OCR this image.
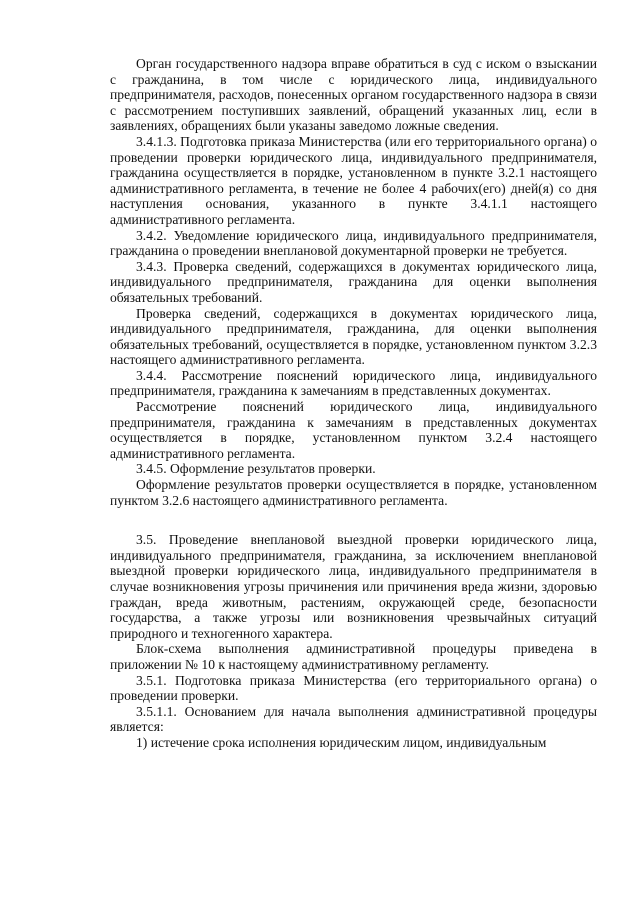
Орган государственного надзора вправе обратиться в суд с иском о взыскании с гражданина, в том числе с юридического лица, индивидуального предпринимателя, расходов, понесенных органом государственного надзора в связи с рассмотрением поступивших заявлений, обращений указанных лиц, если в заявлениях, обращениях были указаны заведомо ложные сведения.

3.4.1.3. Подготовка приказа Министерства (или его территориального органа) о проведении проверки юридического лица, индивидуального предпринимателя, гражданина осуществляется в порядке, установленном в пункте 3.2.1 настоящего административного регламента, в течение не более 4 рабочих(его) дней(я) со дня наступления основания, указанного в пункте 3.4.1.1 настоящего административного регламента.

3.4.2. Уведомление юридического лица, индивидуального предпринимателя, гражданина о проведении внеплановой документарной проверки не требуется.

3.4.3. Проверка сведений, содержащихся в документах юридического лица, индивидуального предпринимателя, гражданина для оценки выполнения обязательных требований.

Проверка сведений, содержащихся в документах юридического лица, индивидуального предпринимателя, гражданина, для оценки выполнения обязательных требований, осуществляется в порядке, установленном пунктом 3.2.3 настоящего административного регламента.

3.4.4. Рассмотрение пояснений юридического лица, индивидуального предпринимателя, гражданина к замечаниям в представленных документах.

Рассмотрение пояснений юридического лица, индивидуального предпринимателя, гражданина к замечаниям в представленных документах осуществляется в порядке, установленном пунктом 3.2.4 настоящего административного регламента.

3.4.5. Оформление результатов проверки.

Оформление результатов проверки осуществляется в порядке, установленном пунктом 3.2.6 настоящего административного регламента.

3.5. Проведение внеплановой выездной проверки юридического лица, индивидуального предпринимателя, гражданина, за исключением внеплановой выездной проверки юридического лица, индивидуального предпринимателя в случае возникновения угрозы причинения или причинения вреда жизни, здоровью граждан, вреда животным, растениям, окружающей среде, безопасности государства, а также угрозы или возникновения чрезвычайных ситуаций природного и техногенного характера.

Блок-схема выполнения административной процедуры приведена в приложении № 10 к настоящему административному регламенту.

3.5.1. Подготовка приказа Министерства (его территориального органа) о проведении проверки.

3.5.1.1. Основанием для начала выполнения административной процедуры является:

1) истечение срока исполнения юридическим лицом, индивидуальным
